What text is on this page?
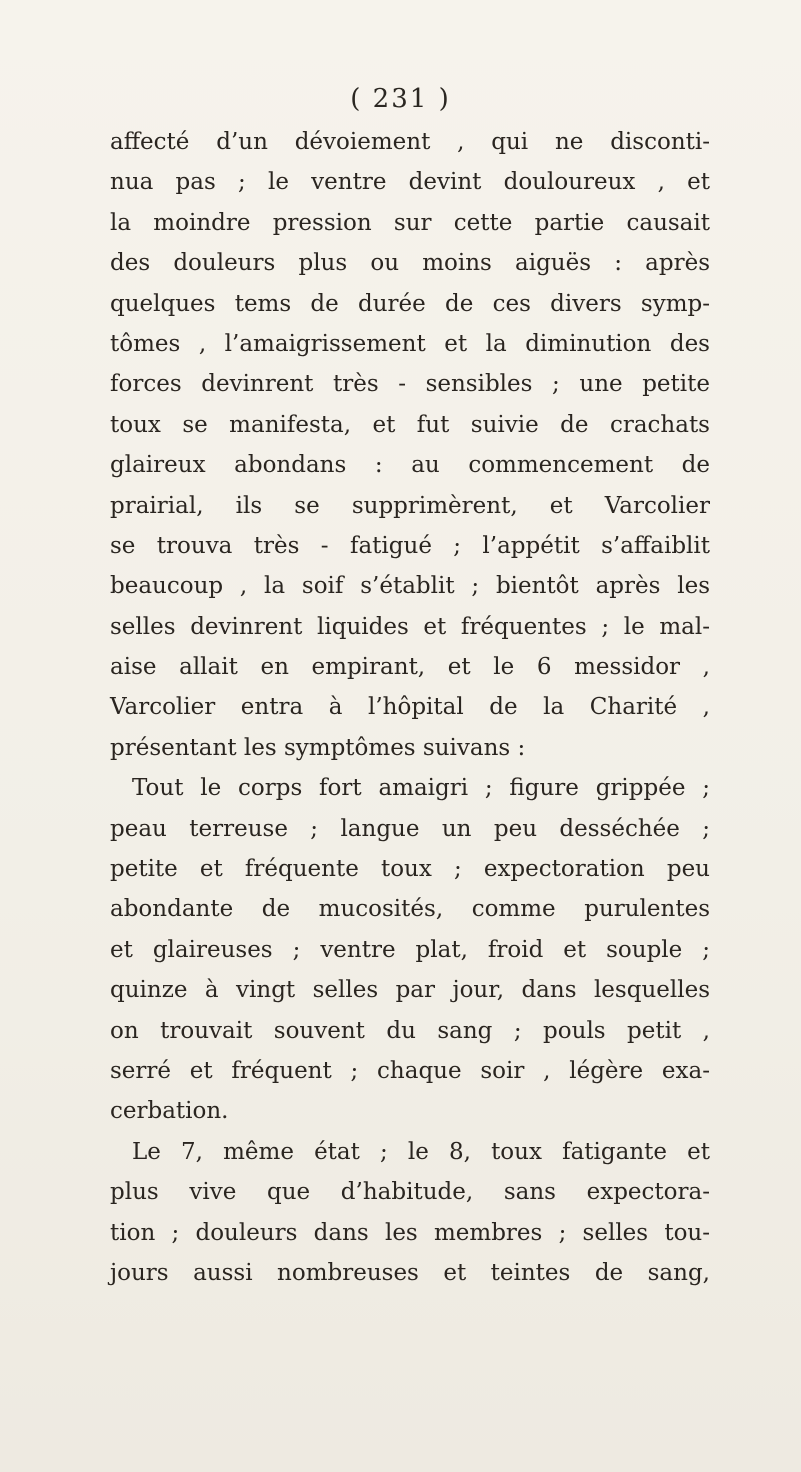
( 231 )
affecté d’un dévoiement , qui ne disconti-
nua pas ; le ventre devint douloureux , et
la moindre pression sur cette partie causait
des douleurs plus ou moins aiguës : après
quelques tems de durée de ces divers symp-
tômes , l’amaigrissement et la diminution des
forces devinrent très - sensibles ; une petite
toux se manifesta, et fut suivie de crachats
glaireux abondans : au commencement de
prairial, ils se supprimèrent, et Varcolier
se trouva très - fatigué ; l’appétit s’affaiblit
beaucoup , la soif s’établit ; bientôt après les
selles devinrent liquides et fréquentes ; le mal-
aise allait en empirant, et le 6 messidor ,
Varcolier entra à l’hôpital de la Charité ,
présentant les symptômes suivans :
Tout le corps fort amaigri ; figure grippée ;
peau terreuse ; langue un peu desséchée ;
petite et fréquente toux ; expectoration peu
abondante de mucosités, comme purulentes
et glaireuses ; ventre plat, froid et souple ;
quinze à vingt selles par jour, dans lesquelles
on trouvait souvent du sang ; pouls petit ,
serré et fréquent ; chaque soir , légère exa-
cerbation.
Le 7, même état ; le 8, toux fatigante et
plus vive que d’habitude, sans expectora-
tion ; douleurs dans les membres ; selles tou-
jours aussi nombreuses et teintes de sang,
